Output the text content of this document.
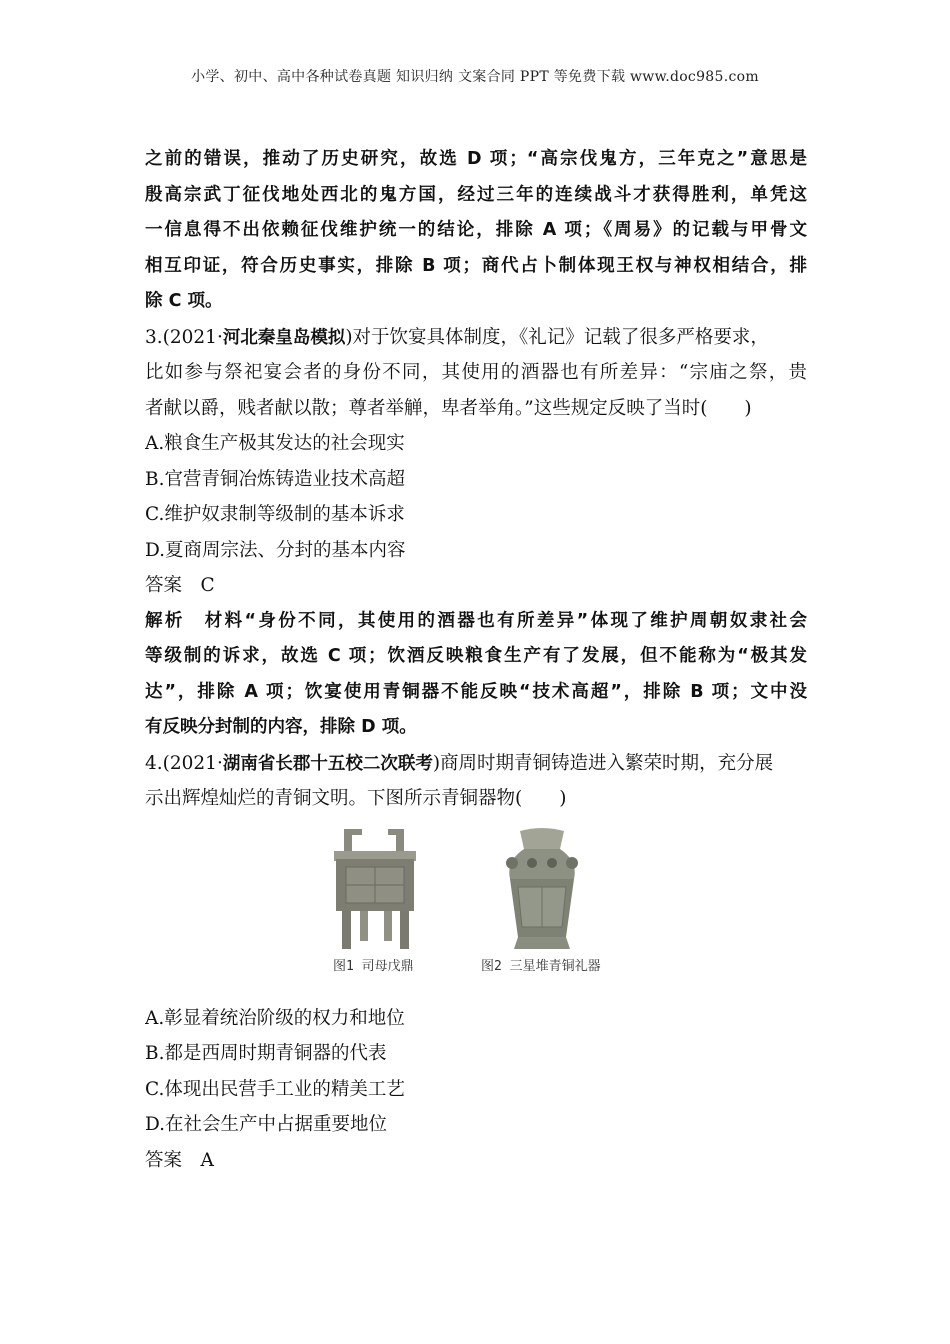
小学、初中、高中各种试卷真题 知识归纳 文案合同 PPT 等免费下载 www.doc985.com
之前的错误，推动了历史研究，故选 D 项；“高宗伐鬼方，三年克之”意思是
殷高宗武丁征伐地处西北的鬼方国，经过三年的连续战斗才获得胜利，单凭这
一信息得不出依赖征伐维护统一的结论，排除 A 项；《周易》的记载与甲骨文
相互印证，符合历史事实，排除 B 项；商代占卜制体现王权与神权相结合，排
除 C 项。
3.(2021·河北秦皇岛模拟)对于饮宴具体制度，《礼记》记载了很多严格要求，
比如参与祭祀宴会者的身份不同，其使用的酒器也有所差异：“宗庙之祭，贵
者献以爵，贱者献以散；尊者举觯，卑者举角。”这些规定反映了当时(　　)
A.粮食生产极其发达的社会现实
B.官营青铜冶炼铸造业技术高超
C.维护奴隶制等级制的基本诉求
D.夏商周宗法、分封的基本内容
答案　 C
解析　 材料“身份不同，其使用的酒器也有所差异”体现了维护周朝奴隶社会
等级制的诉求，故选 C 项；饮酒反映粮食生产有了发展，但不能称为“极其发
达”，排除 A 项；饮宴使用青铜器不能反映“技术高超”，排除 B 项；文中没
有反映分封制的内容，排除 D 项。
4.(2021·湖南省长郡十五校二次联考)商周时期青铜铸造进入繁荣时期，充分展
示出辉煌灿烂的青铜文明。下图所示青铜器物(　　)
图1 司母戊鼎	图2 三星堆青铜礼器
A.彰显着统治阶级的权力和地位
B.都是西周时期青铜器的代表
C.体现出民营手工业的精美工艺
D.在社会生产中占据重要地位
答案　 A
